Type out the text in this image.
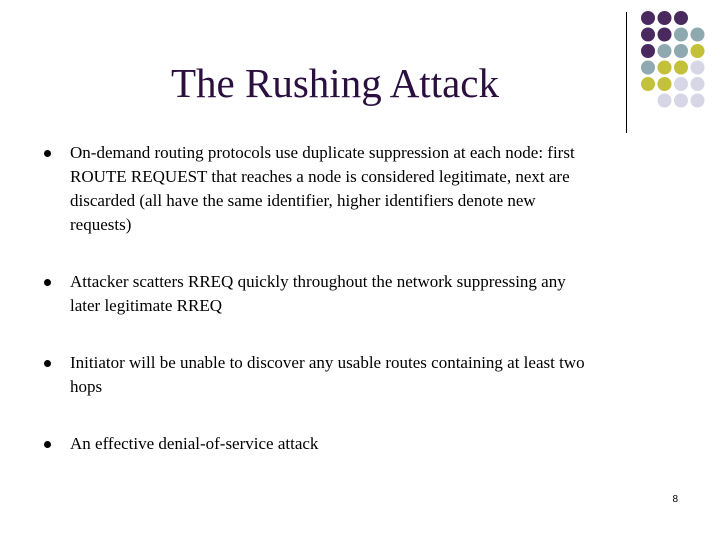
The Rushing Attack
On-demand routing protocols use duplicate suppression at each node: first
ROUTE REQUEST that reaches a node is considered legitimate, next are
discarded (all have the same identifier, higher identifiers denote new
requests)
Attacker scatters RREQ quickly throughout the network suppressing any
later legitimate RREQ
Initiator will be unable to discover any usable routes containing at least two
hops
An effective denial-of-service attack
8
